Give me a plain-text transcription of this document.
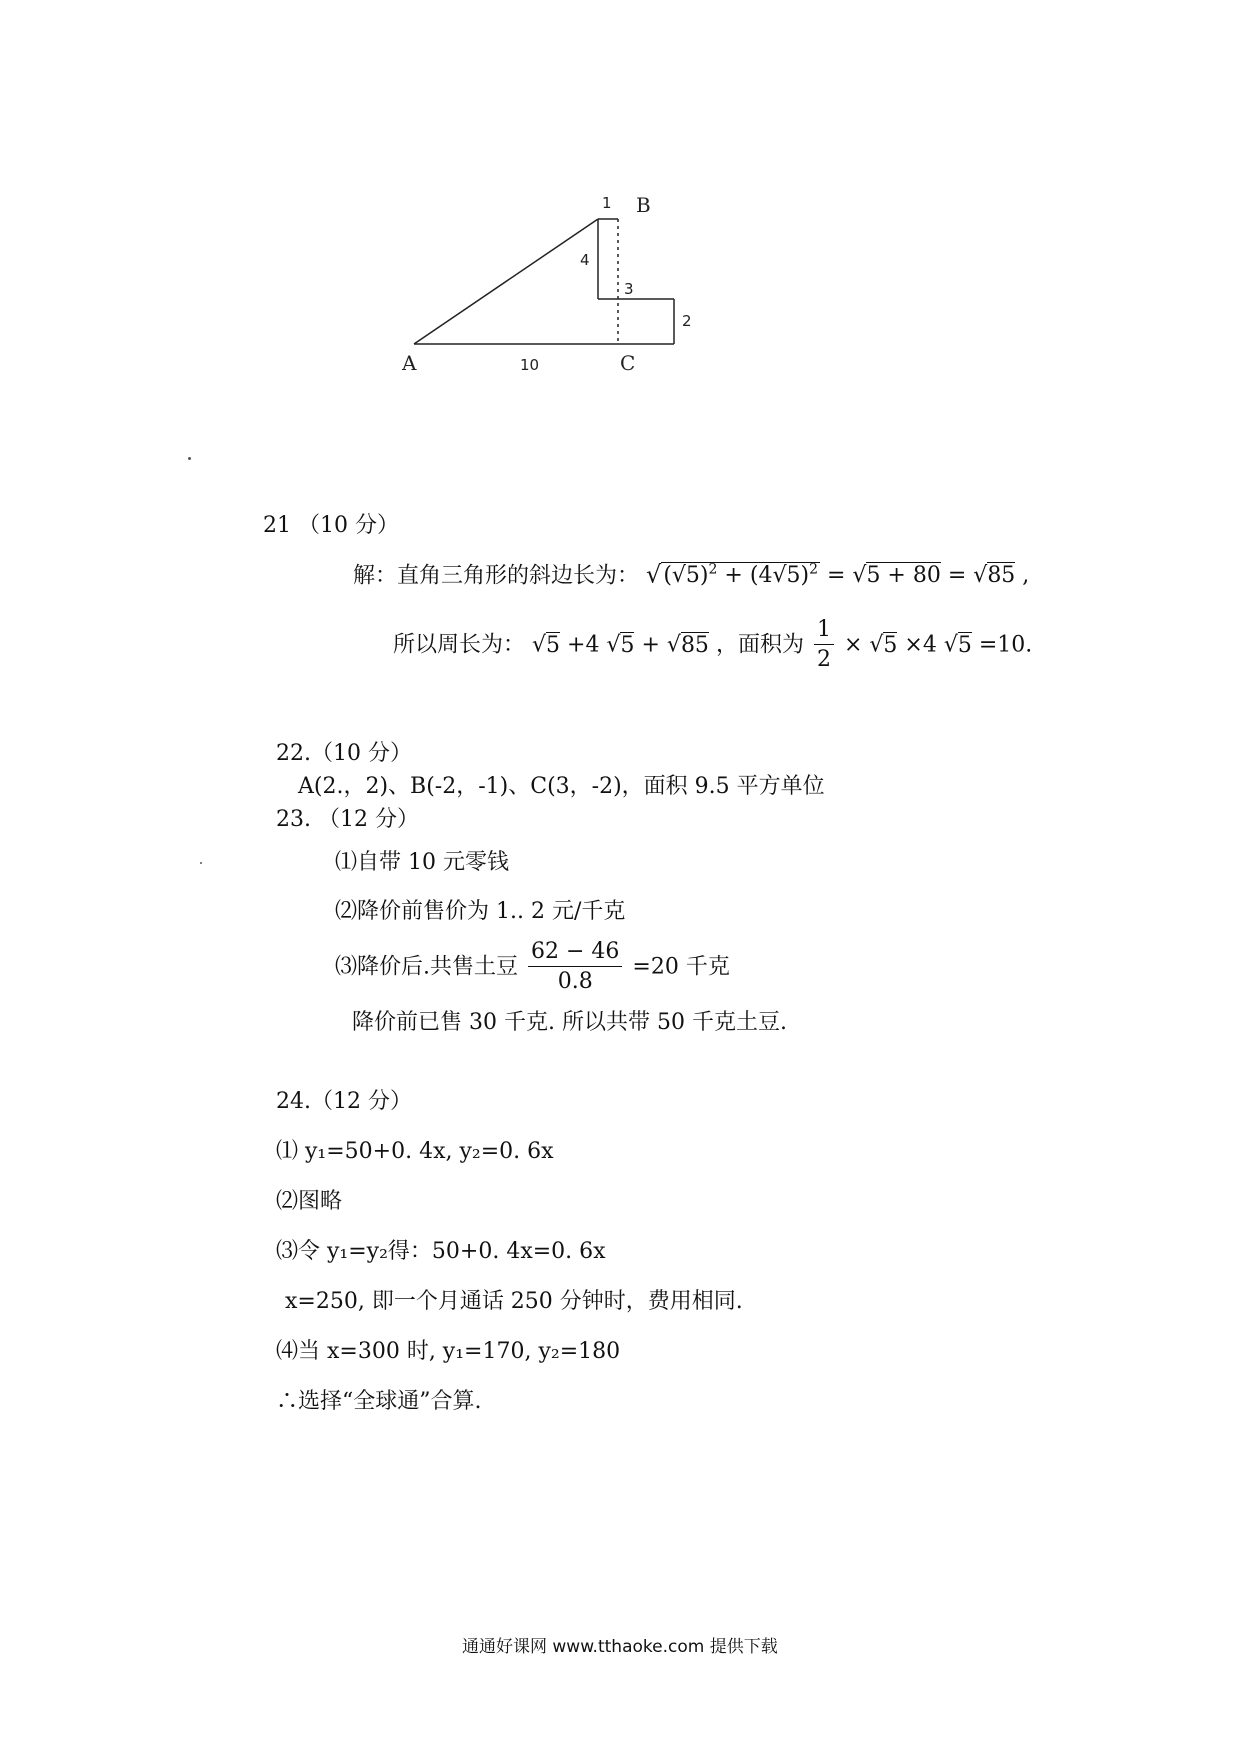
A
B
C
1
4
3
2
10
21 （10 分）
解：直角三角形的斜边长为： $√(√5)^2 + (4√5)^2 = √5 + 80 = √85$ ,
所以周长为： √5 +4 √5 + √85 ，面积为 $\frac{1}{2} \times √5 \times 4$ √5 =10.
22.（10 分）
A(2.，2)、B(-2，-1)、C(3，-2)，面积 9.5 平方单位
23. （12 分）
⑴自带 10 元零钱
⑵降价前售价为 1.. 2 元/千克
⑶降价后.共售土豆 $\frac{62 - 46}{0.8} =20$ 千克
降价前已售 30 千克. 所以共带 50 千克土豆.
24.（12 分）
⑴ y₁=50+0. 4x, y₂=0. 6x
⑵图略
⑶令 y₁=y₂得：50+0. 4x=0. 6x
x=250, 即一个月通话 250 分钟时，费用相同.
⑷当 x=300 时, y₁=170, y₂=180
∴选择“全球通”合算.
通通好课网 www.tthaoke.com 提供下载
